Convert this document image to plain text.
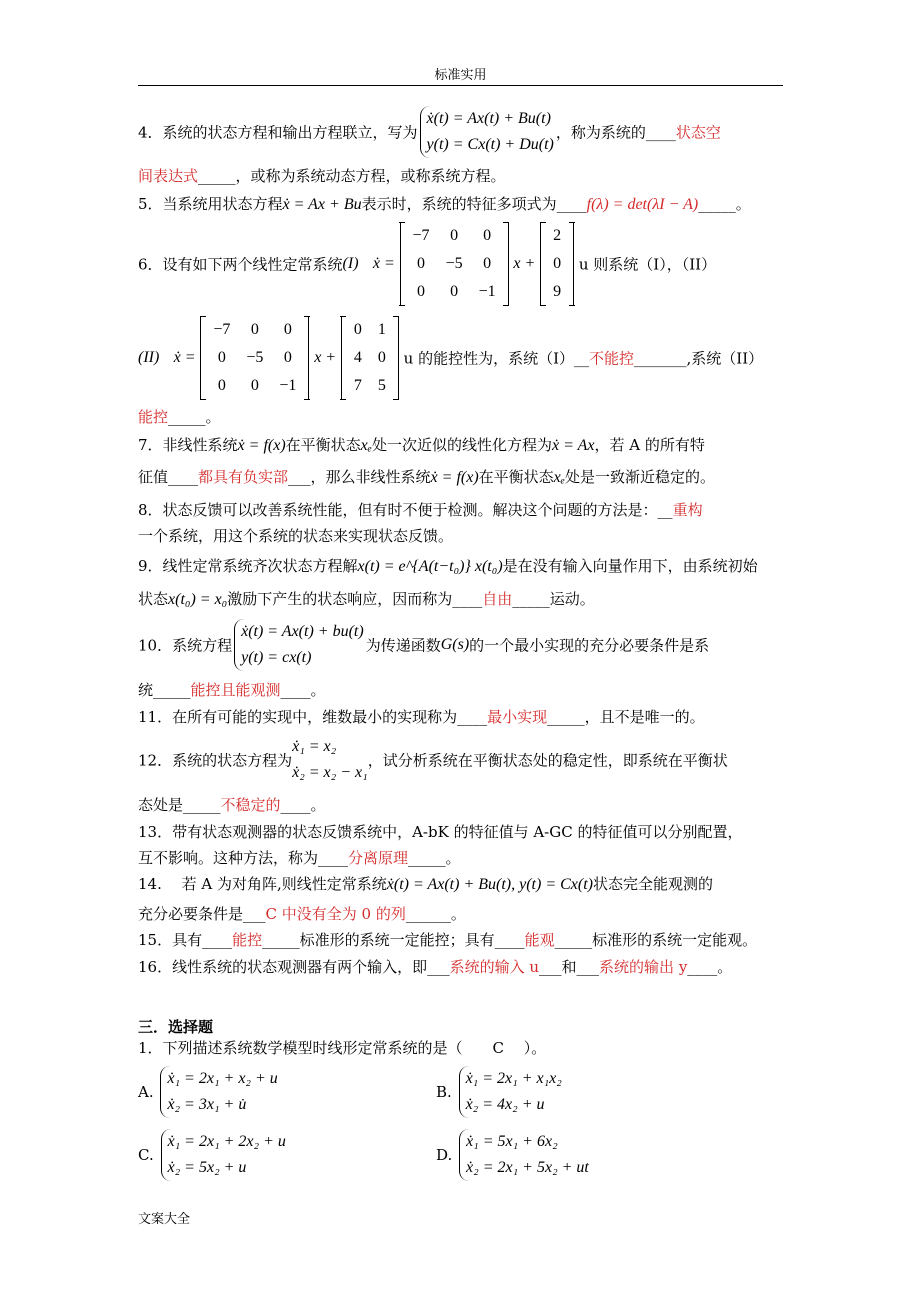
标准实用
4．系统的状态方程和输出方程联立，写为
ẋ(t) = Ax(t) + Bu(t)
y(t) = Cx(t) + Du(t)
，称为系统的____状态空
间表达式_____，或称为系统动态方程，或称系统方程。
5．当系统用状态方程ẋ = Ax + Bu表示时，系统的特征多项式为____f(λ) = det(λI − A)_____。
6．设有如下两个线性定常系统(I) ẋ =
−7	0	0
0	−5	0
0	0	−1
x +
2
0
9
u 则系统（I），（II）
(II) ẋ =
−7	0	0
0	−5	0
0	0	−1
x +
0	1
4	0
7	5
u 的能控性为，系统（I）__不能控_______,系统（II）
能控_____。
7．非线性系统ẋ = f(x)在平衡状态xₑ处一次近似的线性化方程为ẋ = Ax，若 A 的所有特
征值____都具有负实部___，那么非线性系统ẋ = f(x)在平衡状态xₑ处是一致渐近稳定的。
8．状态反馈可以改善系统性能，但有时不便于检测。解决这个问题的方法是：__重构
一个系统，用这个系统的状态来实现状态反馈。
9．线性定常系统齐次状态方程解x(t) = e^{A(t−t₀)} x(t₀)是在没有输入向量作用下，由系统初始
状态x(t₀) = x₀激励下产生的状态响应，因而称为____自由_____运动。
10．系统方程
ẋ(t) = Ax(t) + bu(t)
y(t) = cx(t)
为传递函数G(s)的一个最小实现的充分必要条件是系
统_____能控且能观测____。
11．在所有可能的实现中，维数最小的实现称为____最小实现_____，且不是唯一的。
12．系统的状态方程为
ẋ₁ = x₂
ẋ₂ = x₂ − x₁
，试分析系统在平衡状态处的稳定性，即系统在平衡状
态处是_____不稳定的____。
13．带有状态观测器的状态反馈系统中，A-bK 的特征值与 A-GC 的特征值可以分别配置，
互不影响。这种方法，称为____分离原理_____。
14.　 若 A 为对角阵,则线性定常系统ẋ(t) = Ax(t) + Bu(t), y(t) = Cx(t)状态完全能观测的
充分必要条件是___C 中没有全为 0 的列______。
15．具有____能控_____标准形的系统一定能控；具有____能观_____标准形的系统一定能观。
16．线性系统的状态观测器有两个输入，即___系统的输入 u___和___系统的输出 y____。
三．选择题
1．下列描述系统数学模型时线形定常系统的是（　　C　 ）。
A.
ẋ₁ = 2x₁ + x₂ + u
ẋ₂ = 3x₁ + u̇
B.
ẋ₁ = 2x₁ + x₁x₂
ẋ₂ = 4x₂ + u
C.
ẋ₁ = 2x₁ + 2x₂ + u
ẋ₂ = 5x₂ + u
D.
ẋ₁ = 5x₁ + 6x₂
ẋ₂ = 2x₁ + 5x₂ + ut
文案大全
